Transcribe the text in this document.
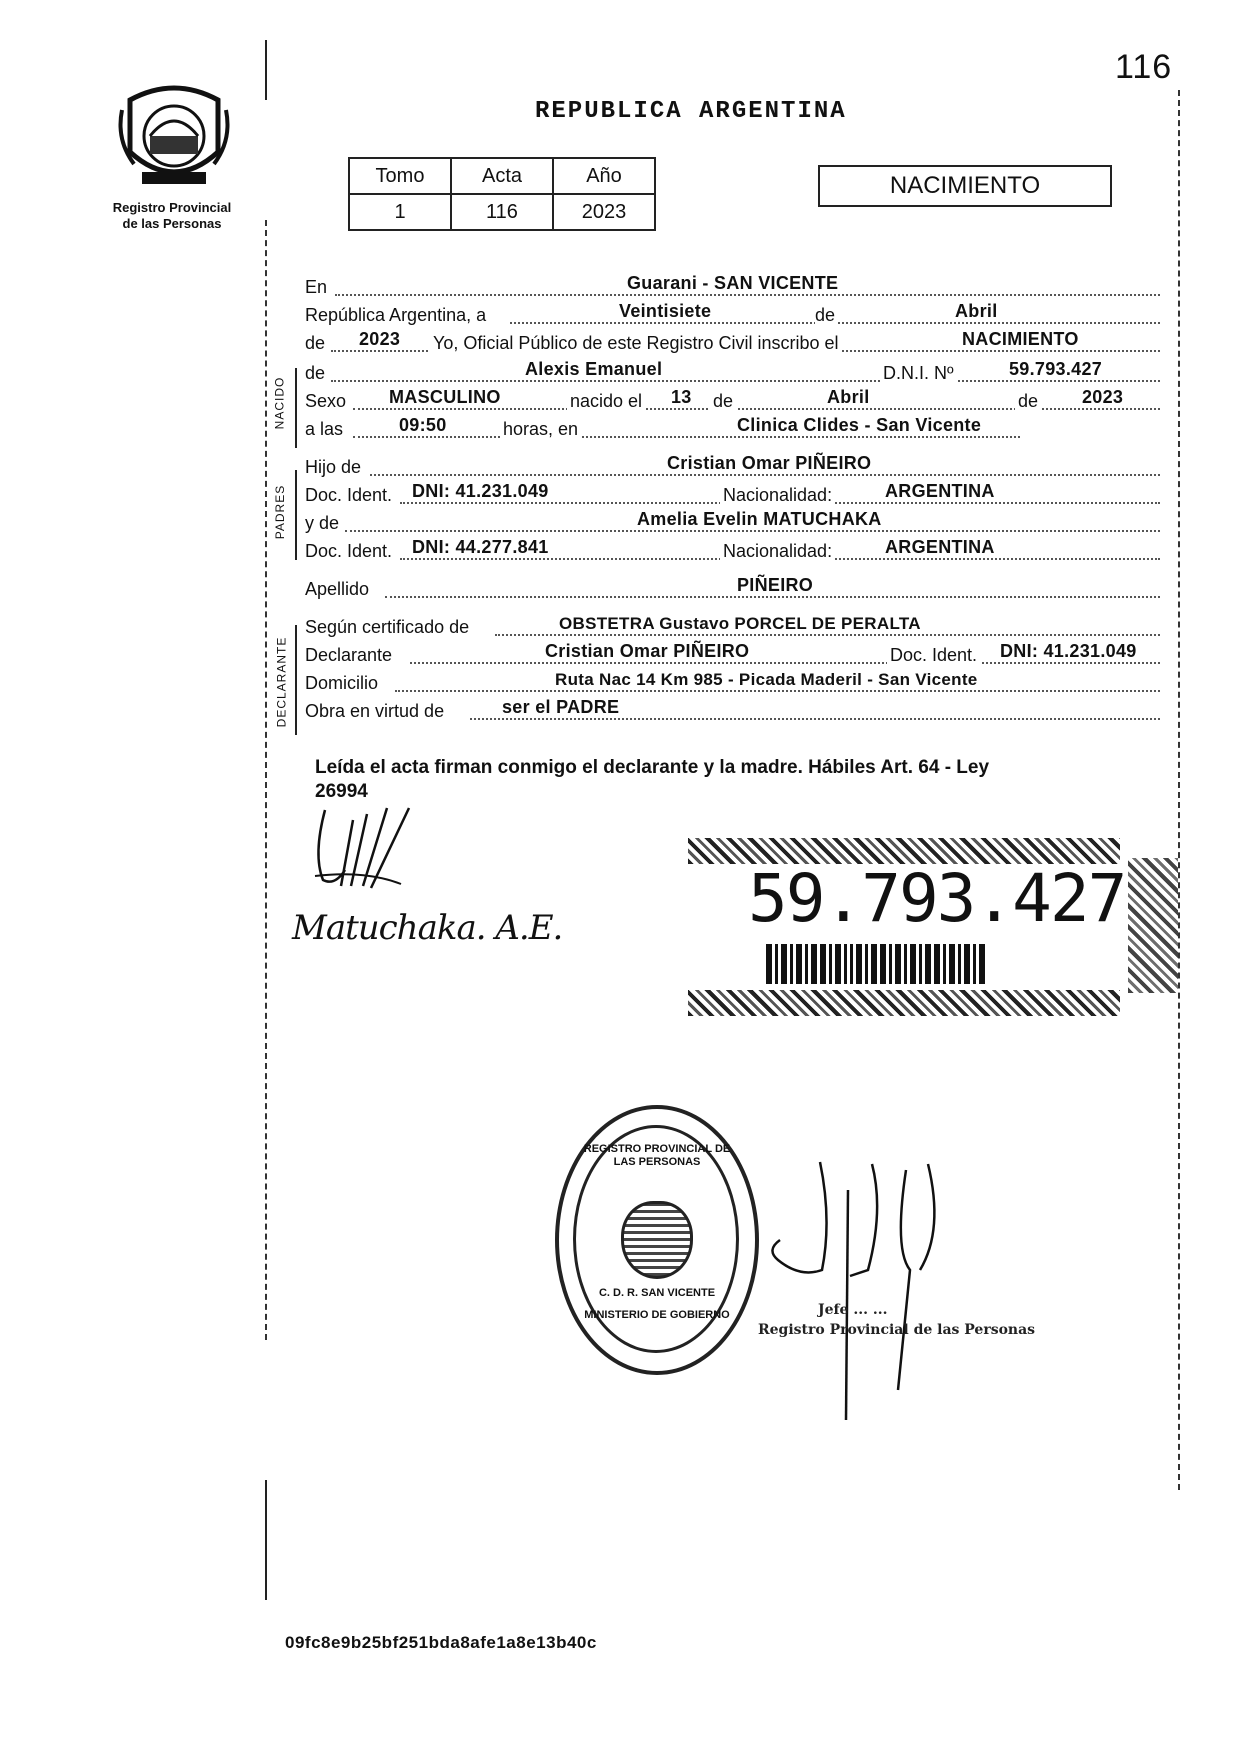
116
REPUBLICA ARGENTINA
Registro Provincial
de las Personas
Tomo	Acta	Año
1	116	2023
NACIMIENTO
NACIDO
PADRES
DECLARANTE
En	Guarani - SAN VICENTE
República Argentina, a	Veintisiete	de	Abril
de 2023 Yo, Oficial Público de este Registro Civil inscribo el	NACIMIENTO
de	Alexis Emanuel	D.N.I. Nº	59.793.427
Sexo MASCULINO	nacido el 13 de	Abril	de 2023
a las	09:50	horas, en	Clinica Clides - San Vicente
Hijo de	Cristian Omar PIÑEIRO
Doc. Ident. DNI: 41.231.049	Nacionalidad:	ARGENTINA
y de	Amelia Evelin MATUCHAKA
Doc. Ident. DNI: 44.277.841	Nacionalidad:	ARGENTINA
Apellido	PIÑEIRO
Según certificado de	OBSTETRA Gustavo PORCEL DE PERALTA
Declarante	Cristian Omar PIÑEIRO	Doc. Ident. DNI: 41.231.049
Domicilio	Ruta Nac 14 Km 985 - Picada Maderil - San Vicente
Obra en virtud de	ser el PADRE
Leída el acta firman conmigo el declarante y la madre. Hábiles Art. 64 - Ley
26994
Matuchaka. A.E.	59.793.427
REGISTRO PROVINCIAL DE LAS PERSONAS
C. D. R. SAN VICENTE
MINISTERIO DE GOBIERNO	Jefe ... ...
Registro Provincial de las Personas
09fc8e9b25bf251bda8afe1a8e13b40c
